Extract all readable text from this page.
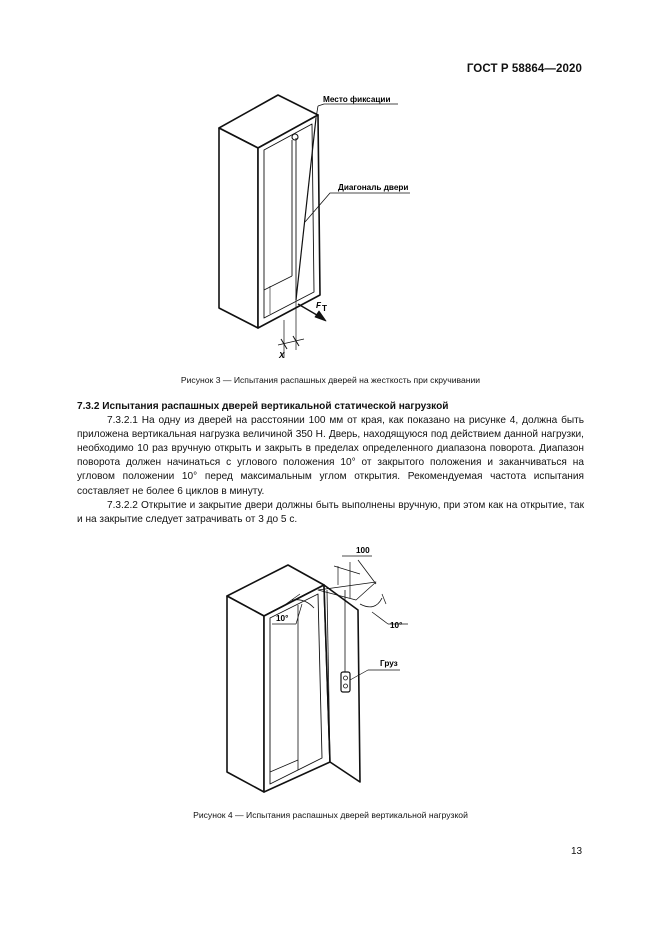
ГОСТ Р 58864—2020
Место фиксации
Диагональ двери
F T
X
Рисунок 3 — Испытания распашных дверей на жесткость при скручивании

7.3.2 Испытания распашных дверей вертикальной статической нагрузкой

7.3.2.1 На одну из дверей на расстоянии 100 мм от края, как показано на рисунке 4, должна быть приложена вертикальная нагрузка величиной 350 Н. Дверь, находящуюся под действием данной нагрузки, необходимо 10 раз вручную открыть и закрыть в пределах определенного диапазона поворота. Диапазон поворота должен начинаться с углового положения 10° от закрытого положения и заканчиваться на угловом положении 10° перед максимальным углом открытия. Рекомендуемая частота испытания составляет не более 6 циклов в минуту.

7.3.2.2 Открытие и закрытие двери должны быть выполнены вручную, при этом как на открытие, так и на закрытие следует затрачивать от 3 до 5 с.

100
10°
10°
Груз
Рисунок 4 — Испытания распашных дверей вертикальной нагрузкой
13
